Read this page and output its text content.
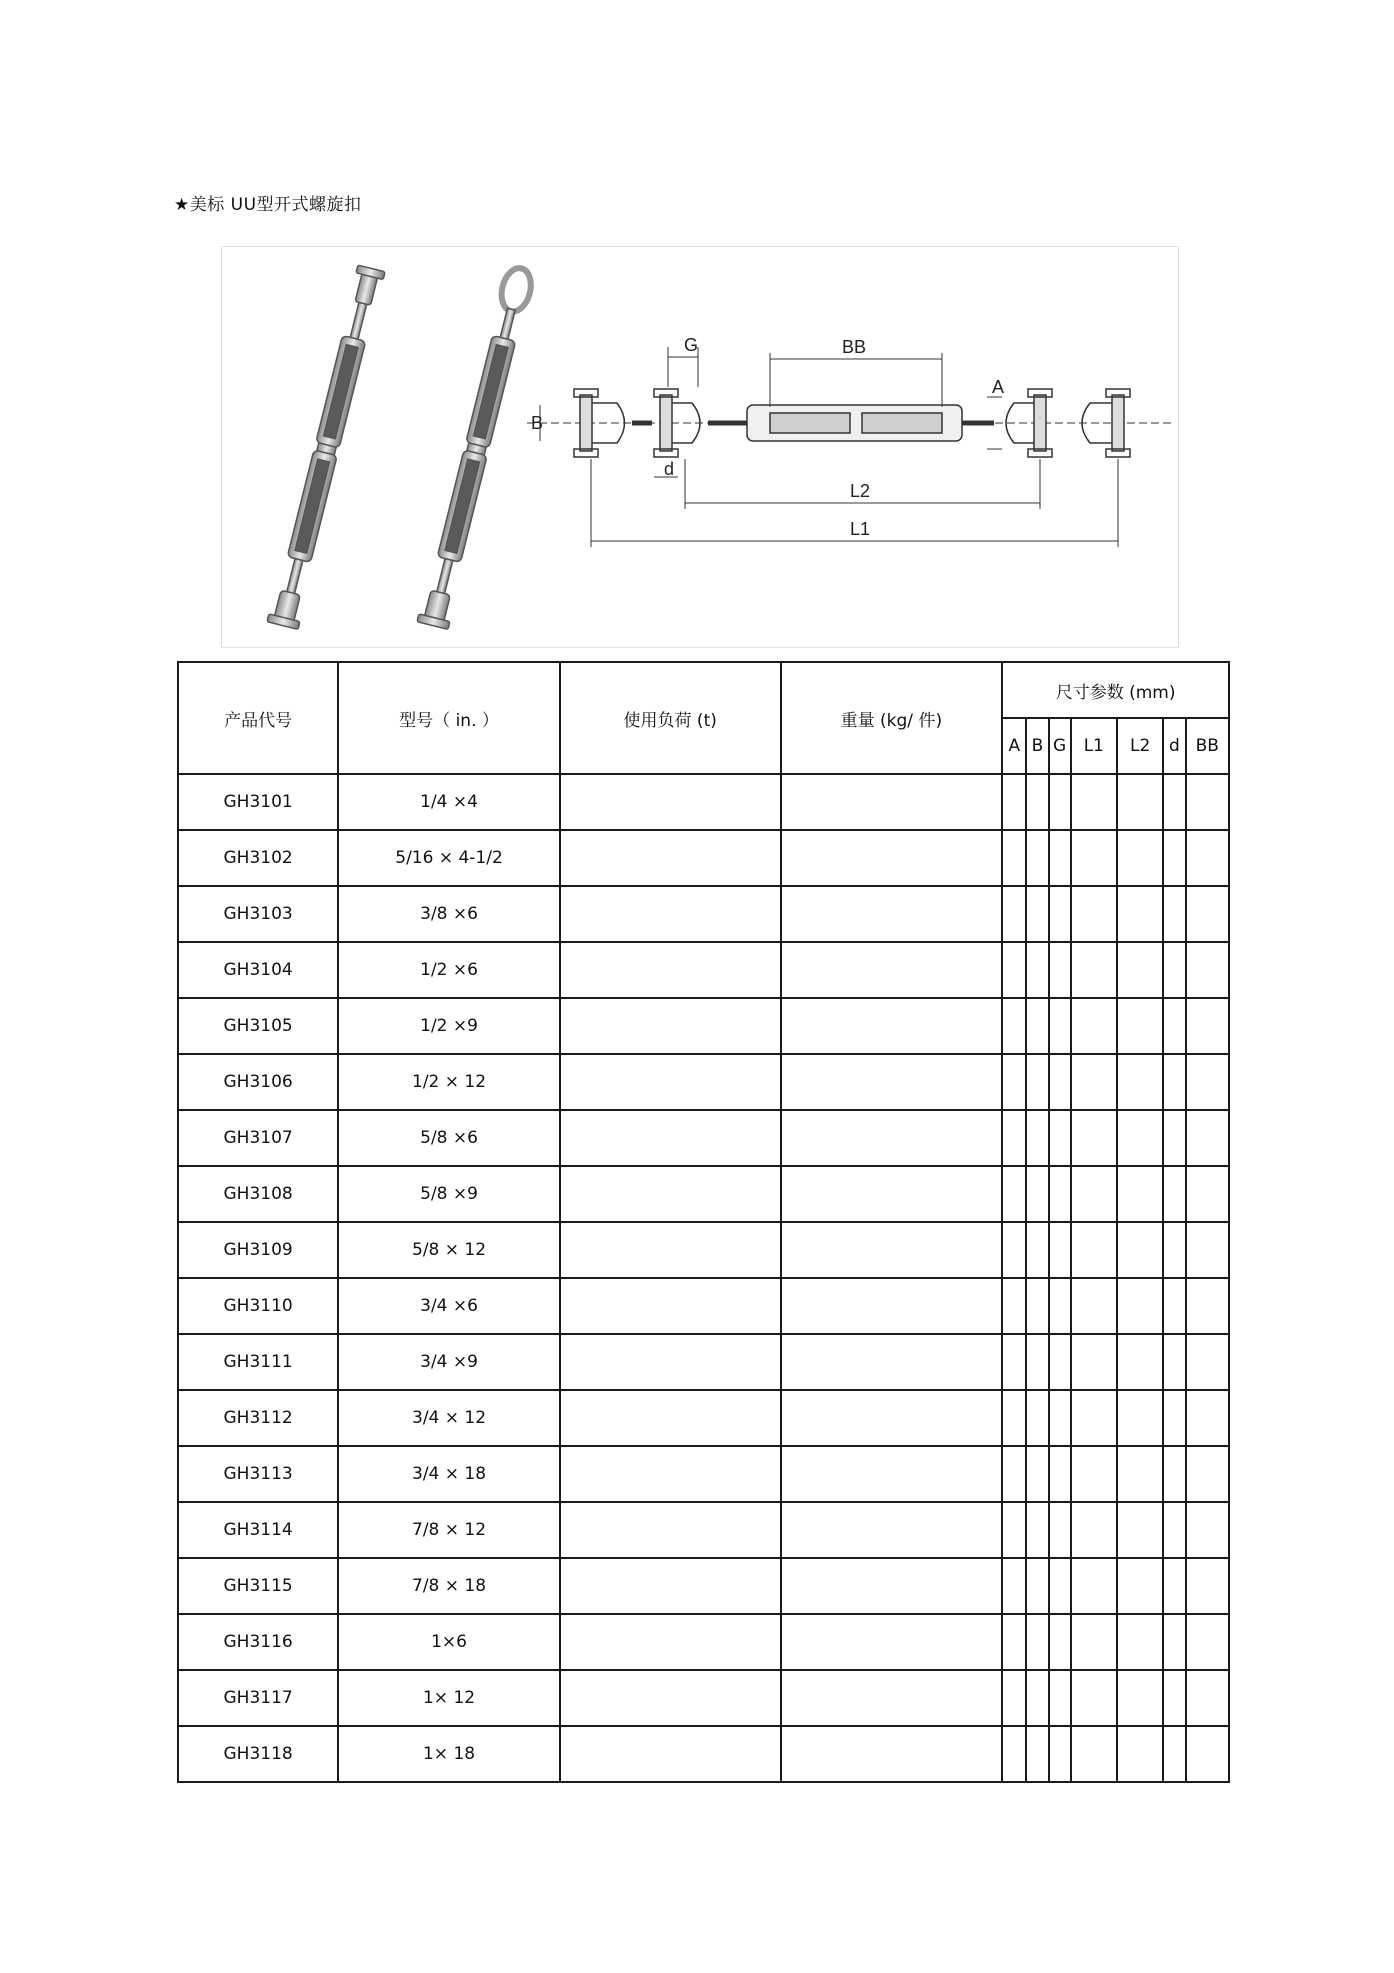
★美标 UU型开式螺旋扣
G	BB
A
B
d
L2
L1
产品代号	型号（ in. ）	使用负荷 (t)	重量 (kg/ 件)	尺寸参数 (mm)						
				A	B	G	L1	L2	d	BB
GH3101	1/4 ×4									
GH3102	5/16 × 4-1/2									
GH3103	3/8 ×6									
GH3104	1/2 ×6									
GH3105	1/2 ×9									
GH3106	1/2 × 12									
GH3107	5/8 ×6									
GH3108	5/8 ×9									
GH3109	5/8 × 12									
GH3110	3/4 ×6									
GH3111	3/4 ×9									
GH3112	3/4 × 12									
GH3113	3/4 × 18									
GH3114	7/8 × 12									
GH3115	7/8 × 18									
GH3116	1×6									
GH3117	1× 12									
GH3118	1× 18									
